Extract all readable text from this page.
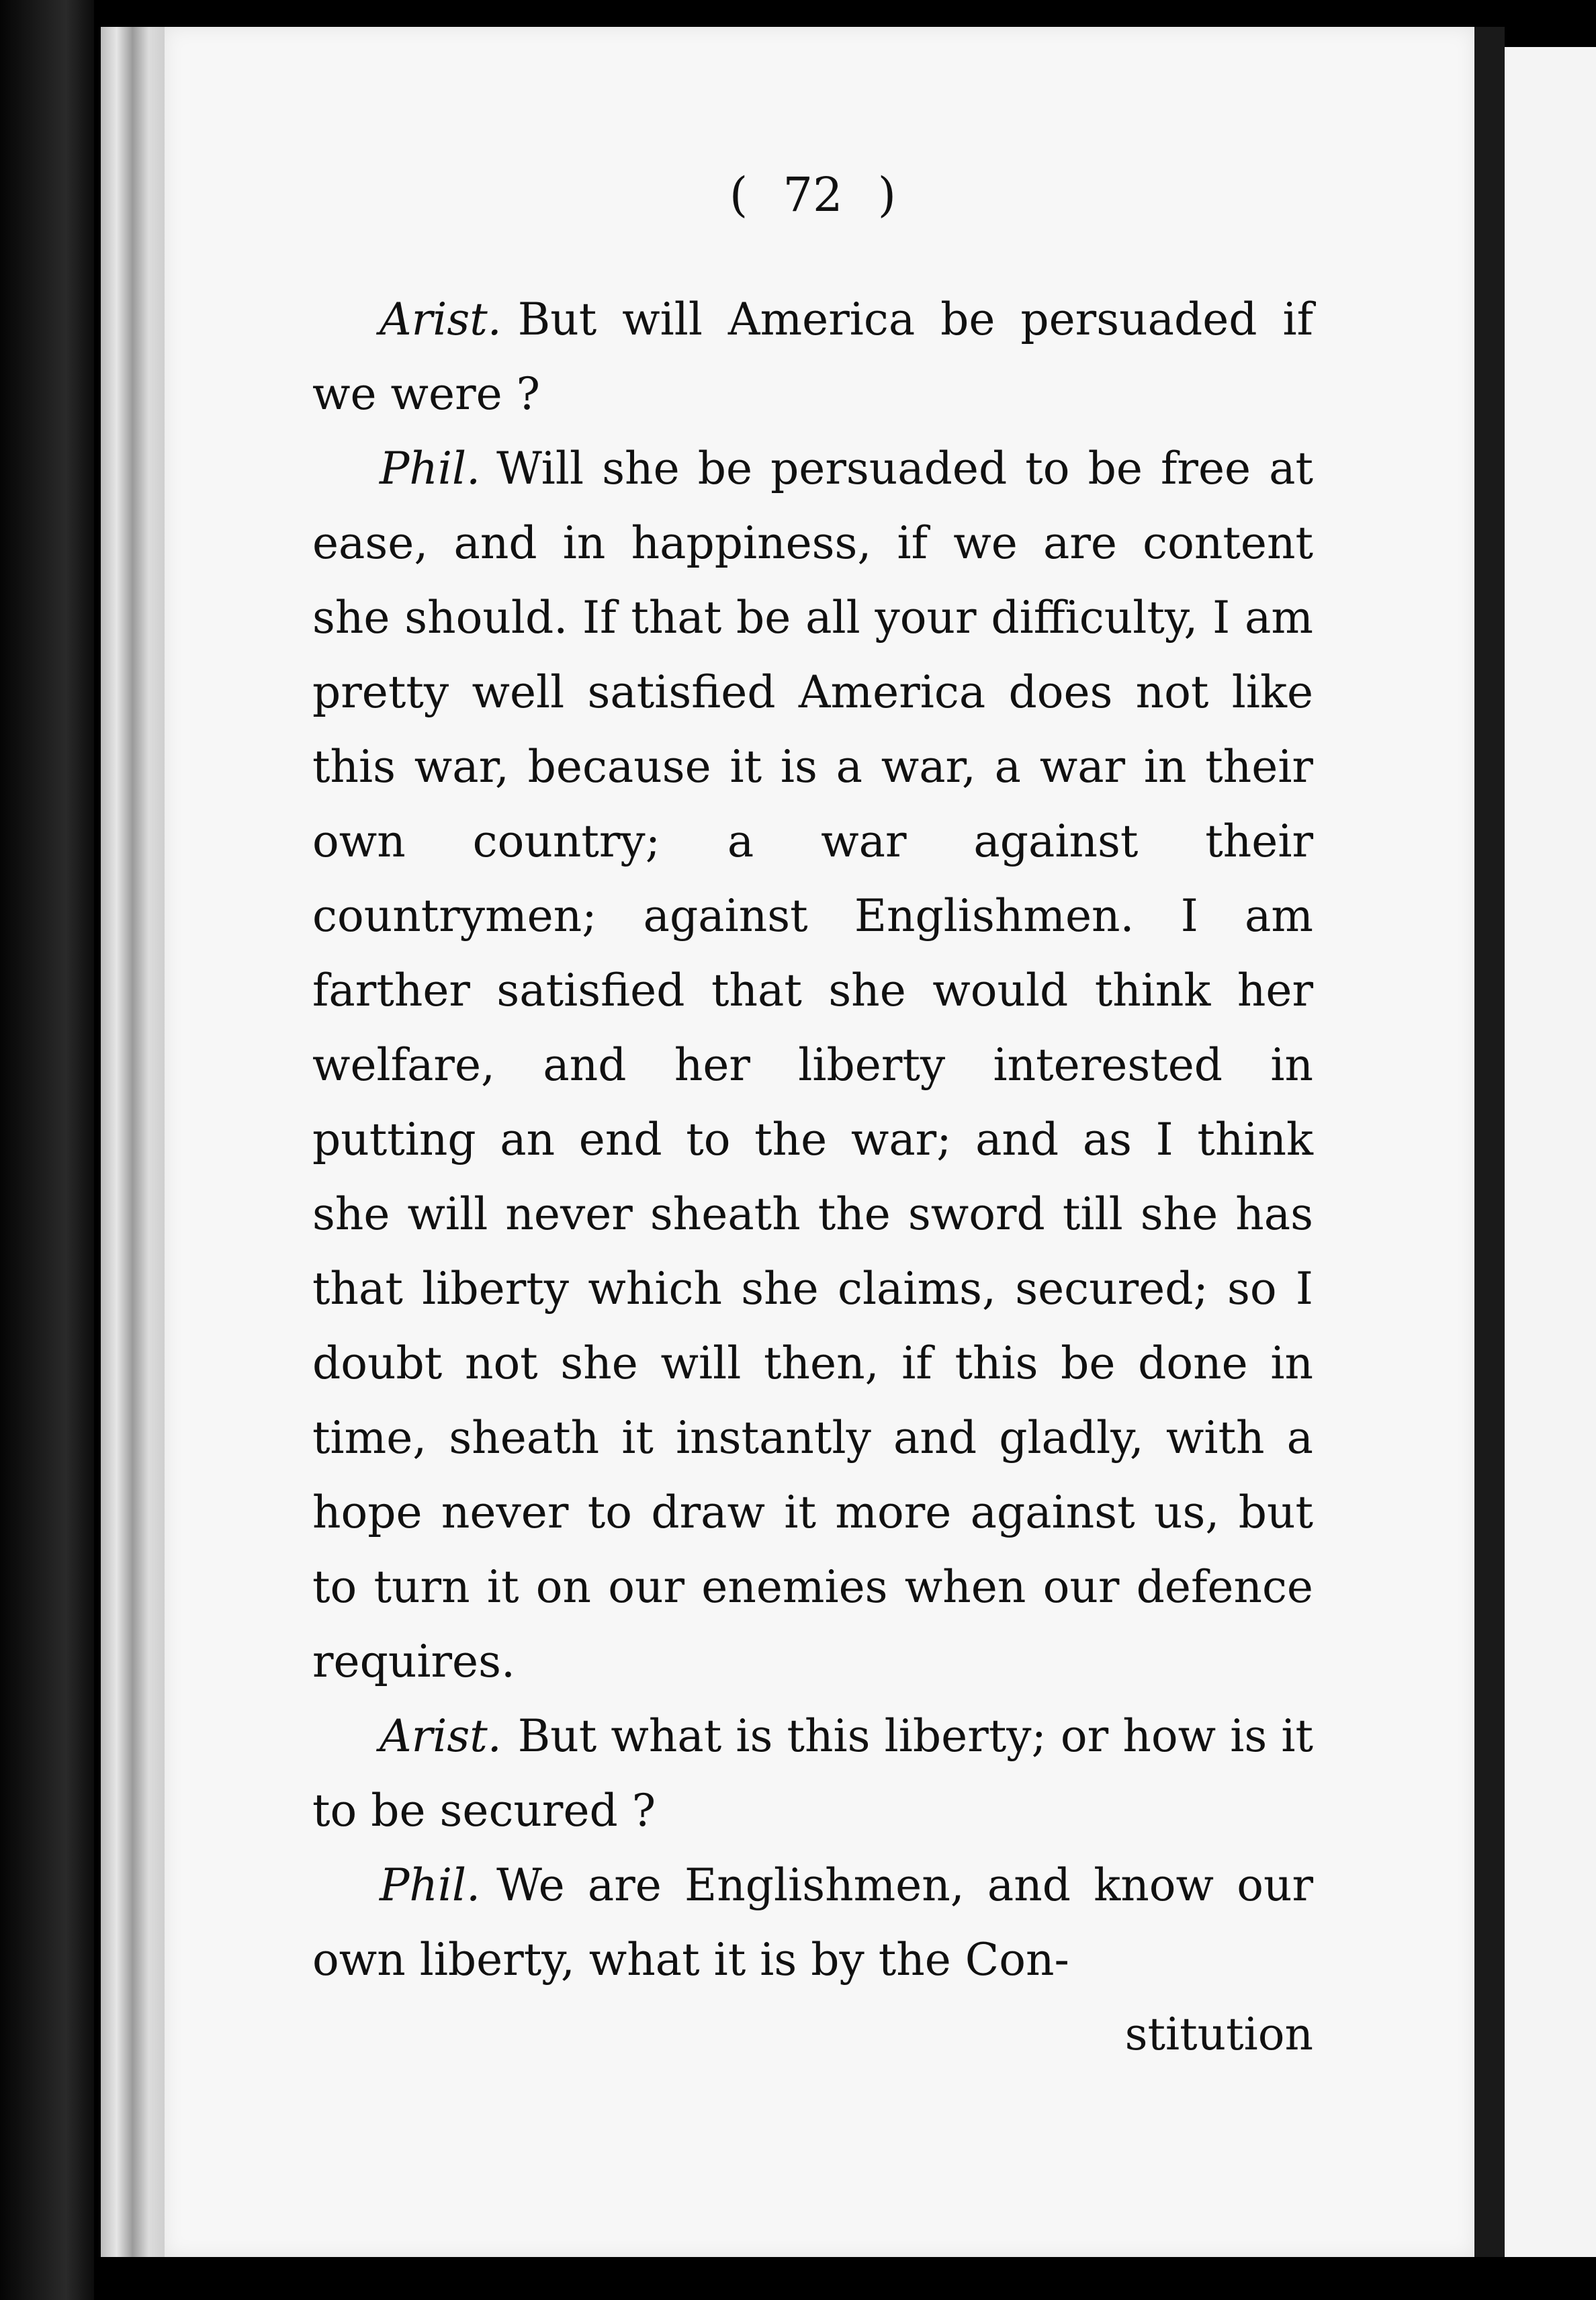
( 72 )

Arist. But will America be persuaded if we were ?

Phil. Will she be persuaded to be free at ease, and in happiness, if we are content she should. If that be all your difficulty, I am pretty well satisfied America does not like this war, because it is a war, a war in their own country; a war against their countrymen; against Englishmen. I am farther satisfied that she would think her welfare, and her liberty interested in putting an end to the war; and as I think she will never sheath the sword till she has that liberty which she claims, secured; so I doubt not she will then, if this be done in time, sheath it instantly and gladly, with a hope never to draw it more against us, but to turn it on our enemies when our defence requires.

Arist. But what is this liberty; or how is it to be secured ?

Phil. We are Englishmen, and know our own liberty, what it is by the Con-

stitution
